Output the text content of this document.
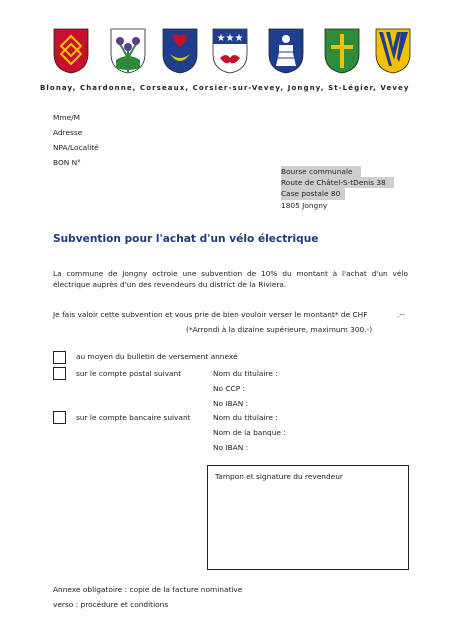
★★★
Blonay, Chardonne, Corseaux, Corsier-sur-Vevey, Jongny, St-Légier, Vevey
Mme/M
Adresse
NPA/Localité
BON N°
Bourse communale
Route de Châtel-S-tDenis 38
Case postale 80
1805 Jongny
Subvention pour l'achat d'un vélo électrique
La commune de Jongny octroie une subvention de 10% du montant à l'achat d'un vélo électrique auprès d'un des revendeurs du district de la Riviera.
Je fais valoir cette subvention et vous prie de bien vouloir verser le montant* de CHF	.--
(*Arrondi à la dizaine supérieure, maximum 300.-)
au moyen du bulletin de versement annexé
sur le compte postal suivant	Nom du titulaire :
No CCP :
No IBAN :
sur le compte bancaire suivant	Nom du titulaire :
Nom de la banque :
No IBAN :
Tampon et signature du revendeur
Annexe obligatoire : copie de la facture nominative
verso : procédure et conditions
